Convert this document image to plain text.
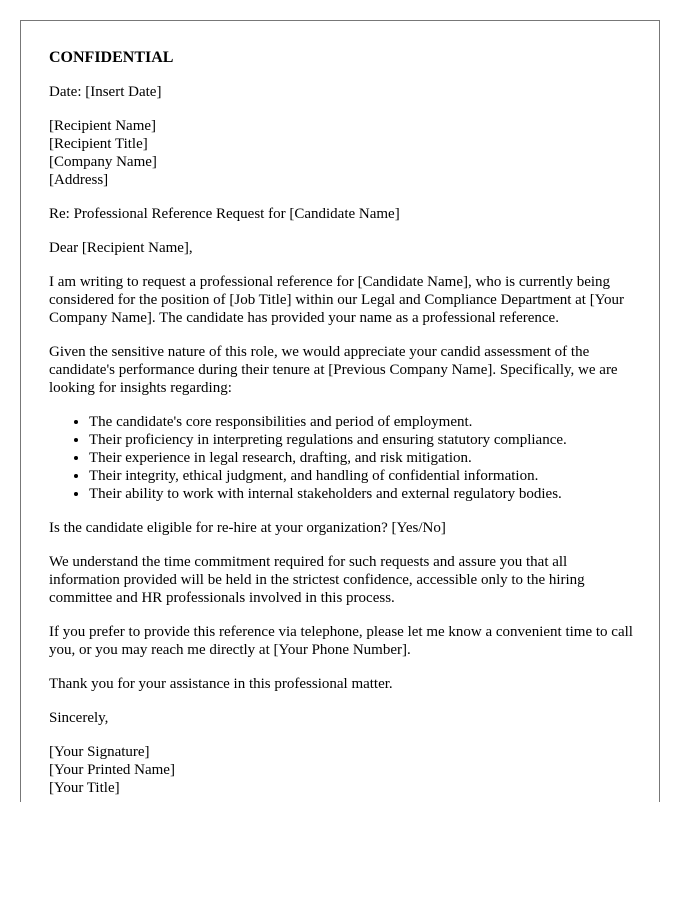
CONFIDENTIAL

Date: [Insert Date]

[Recipient Name]
[Recipient Title]
[Company Name]
[Address]

Re: Professional Reference Request for [Candidate Name]

Dear [Recipient Name],

I am writing to request a professional reference for [Candidate Name], who is currently being considered for the position of [Job Title] within our Legal and Compliance Department at [Your Company Name]. The candidate has provided your name as a professional reference.

Given the sensitive nature of this role, we would appreciate your candid assessment of the candidate's performance during their tenure at [Previous Company Name]. Specifically, we are looking for insights regarding:

• The candidate's core responsibilities and period of employment.
• Their proficiency in interpreting regulations and ensuring statutory compliance.
• Their experience in legal research, drafting, and risk mitigation.
• Their integrity, ethical judgment, and handling of confidential information.
• Their ability to work with internal stakeholders and external regulatory bodies.

Is the candidate eligible for re-hire at your organization? [Yes/No]

We understand the time commitment required for such requests and assure you that all information provided will be held in the strictest confidence, accessible only to the hiring committee and HR professionals involved in this process.

If you prefer to provide this reference via telephone, please let me know a convenient time to call you, or you may reach me directly at [Your Phone Number].

Thank you for your assistance in this professional matter.

Sincerely,

[Your Signature]
[Your Printed Name]
[Your Title]
